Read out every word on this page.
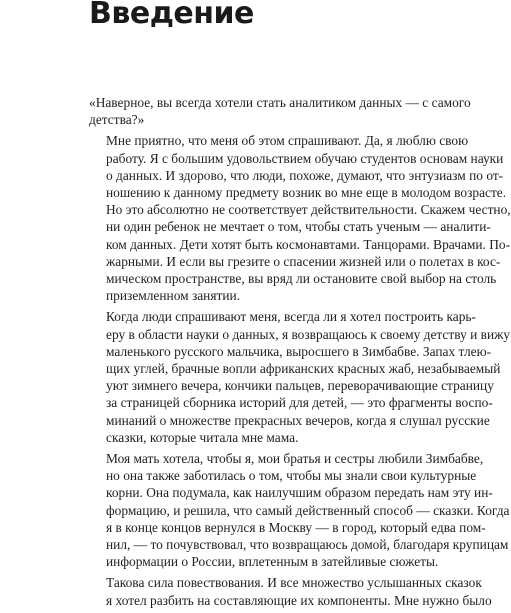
Введение

«Наверное, вы всегда хотели стать аналитиком данных — с самого
детства?»

Мне приятно, что меня об этом спрашивают. Да, я люблю свою
работу. Я с большим удовольствием обучаю студентов основам науки
о данных. И здорово, что люди, похоже, думают, что энтузиазм по от-
ношению к данному предмету возник во мне еще в молодом возрасте.
Но это абсолютно не соответствует действительности. Скажем честно,
ни один ребенок не мечтает о том, чтобы стать ученым — аналити-
ком данных. Дети хотят быть космонавтами. Танцорами. Врачами. По-
жарными. И если вы грезите о спасении жизней или о полетах в кос-
мическом пространстве, вы вряд ли остановите свой выбор на столь
приземленном занятии.

Когда люди спрашивают меня, всегда ли я хотел построить карь-
еру в области науки о данных, я возвращаюсь к своему детству и вижу
маленького русского мальчика, выросшего в Зимбабве. Запах тлею-
щих углей, брачные вопли африканских красных жаб, незабываемый
уют зимнего вечера, кончики пальцев, переворачивающие страницу
за страницей сборника историй для детей, — это фрагменты воспо-
минаний о множестве прекрасных вечеров, когда я слушал русские
сказки, которые читала мне мама.

Моя мать хотела, чтобы я, мои братья и сестры любили Зимбабве,
но она также заботилась о том, чтобы мы знали свои культурные
корни. Она подумала, как наилучшим образом передать нам эту ин-
формацию, и решила, что самый действенный способ — сказки. Когда
я в конце концов вернулся в Москву — в город, который едва пом-
нил, — то почувствовал, что возвращаюсь домой, благодаря крупицам
информации о России, вплетенным в затейливые сюжеты.

Такова сила повествования. И все множество услышанных сказок
я хотел разбить на составляющие их компоненты. Мне нужно было
